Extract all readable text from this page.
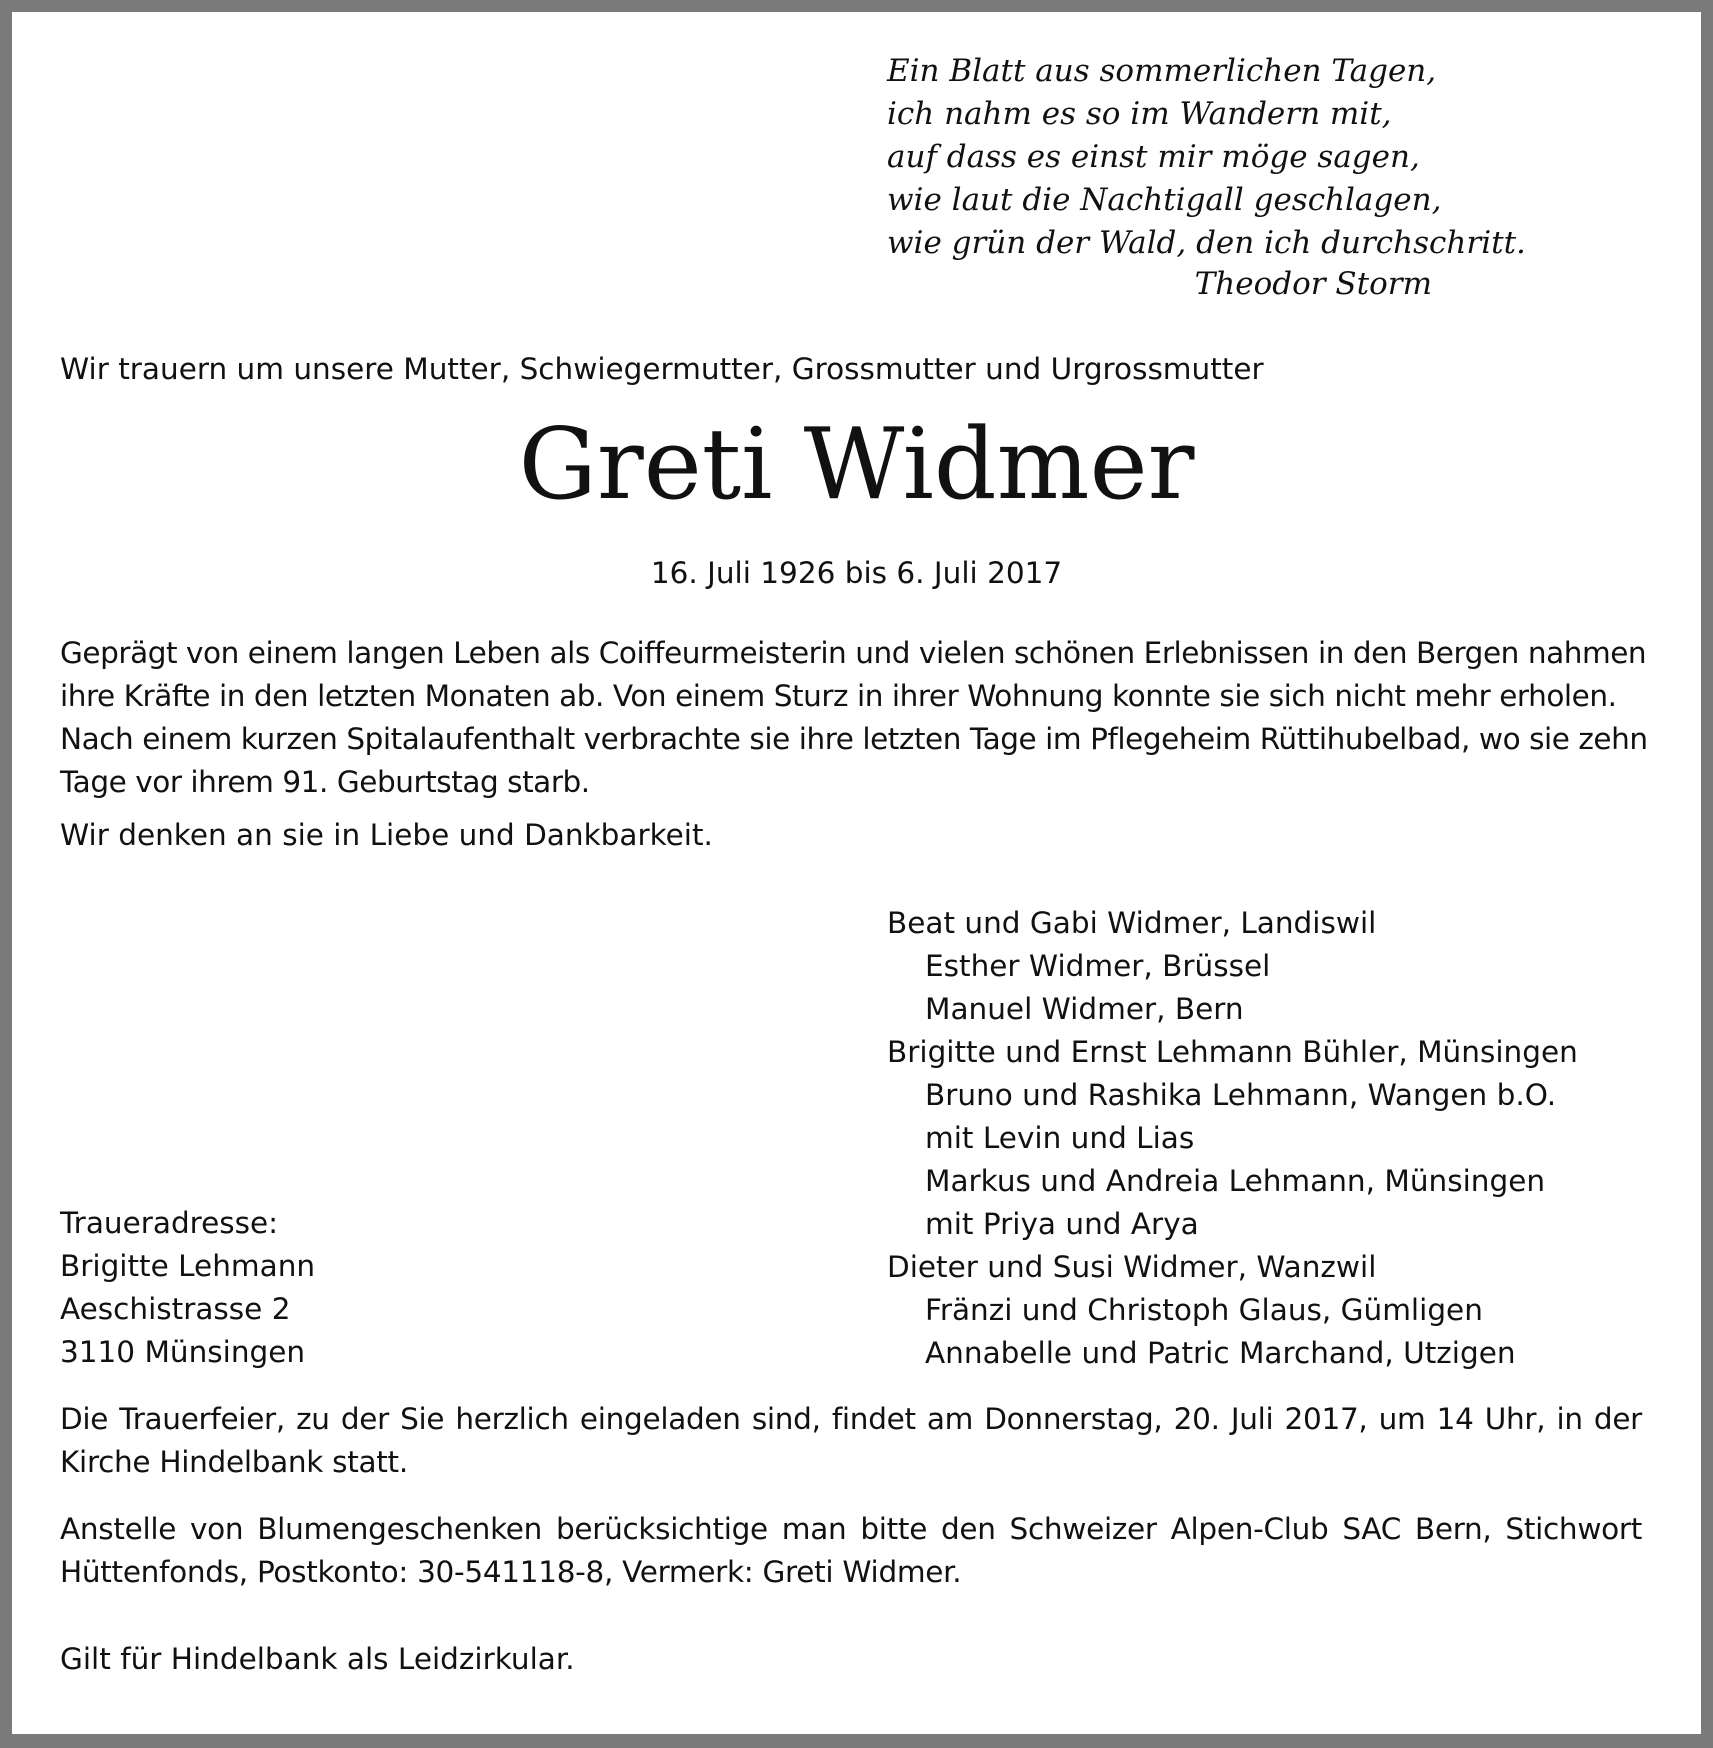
Ein Blatt aus sommerlichen Tagen,
ich nahm es so im Wandern mit,
auf dass es einst mir möge sagen,
wie laut die Nachtigall geschlagen,
wie grün der Wald, den ich durchschritt.
Theodor Storm
Wir trauern um unsere Mutter, Schwiegermutter, Grossmutter und Urgrossmutter
Greti Widmer
16. Juli 1926 bis 6. Juli 2017
Geprägt von einem langen Leben als Coiffeurmeisterin und vielen schönen Erlebnissen in den Bergen nahmen
ihre Kräfte in den letzten Monaten ab. Von einem Sturz in ihrer Wohnung konnte sie sich nicht mehr erholen.
Nach einem kurzen Spitalaufenthalt verbrachte sie ihre letzten Tage im Pflegeheim Rüttihubelbad, wo sie zehn
Tage vor ihrem 91. Geburtstag starb.
Wir denken an sie in Liebe und Dankbarkeit.
Beat und Gabi Widmer, Landiswil
Esther Widmer, Brüssel
Manuel Widmer, Bern
Brigitte und Ernst Lehmann Bühler, Münsingen
Bruno und Rashika Lehmann, Wangen b.O.
mit Levin und Lias
Markus und Andreia Lehmann, Münsingen
mit Priya und Arya
Dieter und Susi Widmer, Wanzwil
Fränzi und Christoph Glaus, Gümligen
Annabelle und Patric Marchand, Utzigen
Traueradresse:
Brigitte Lehmann
Aeschistrasse 2
3110 Münsingen
Die Trauerfeier, zu der Sie herzlich eingeladen sind, findet am Donnerstag, 20. Juli 2017, um 14 Uhr, in der
Kirche Hindelbank statt.
Anstelle von Blumengeschenken berücksichtige man bitte den Schweizer Alpen-Club SAC Bern, Stichwort
Hüttenfonds, Postkonto: 30-541118-8, Vermerk: Greti Widmer.
Gilt für Hindelbank als Leidzirkular.
